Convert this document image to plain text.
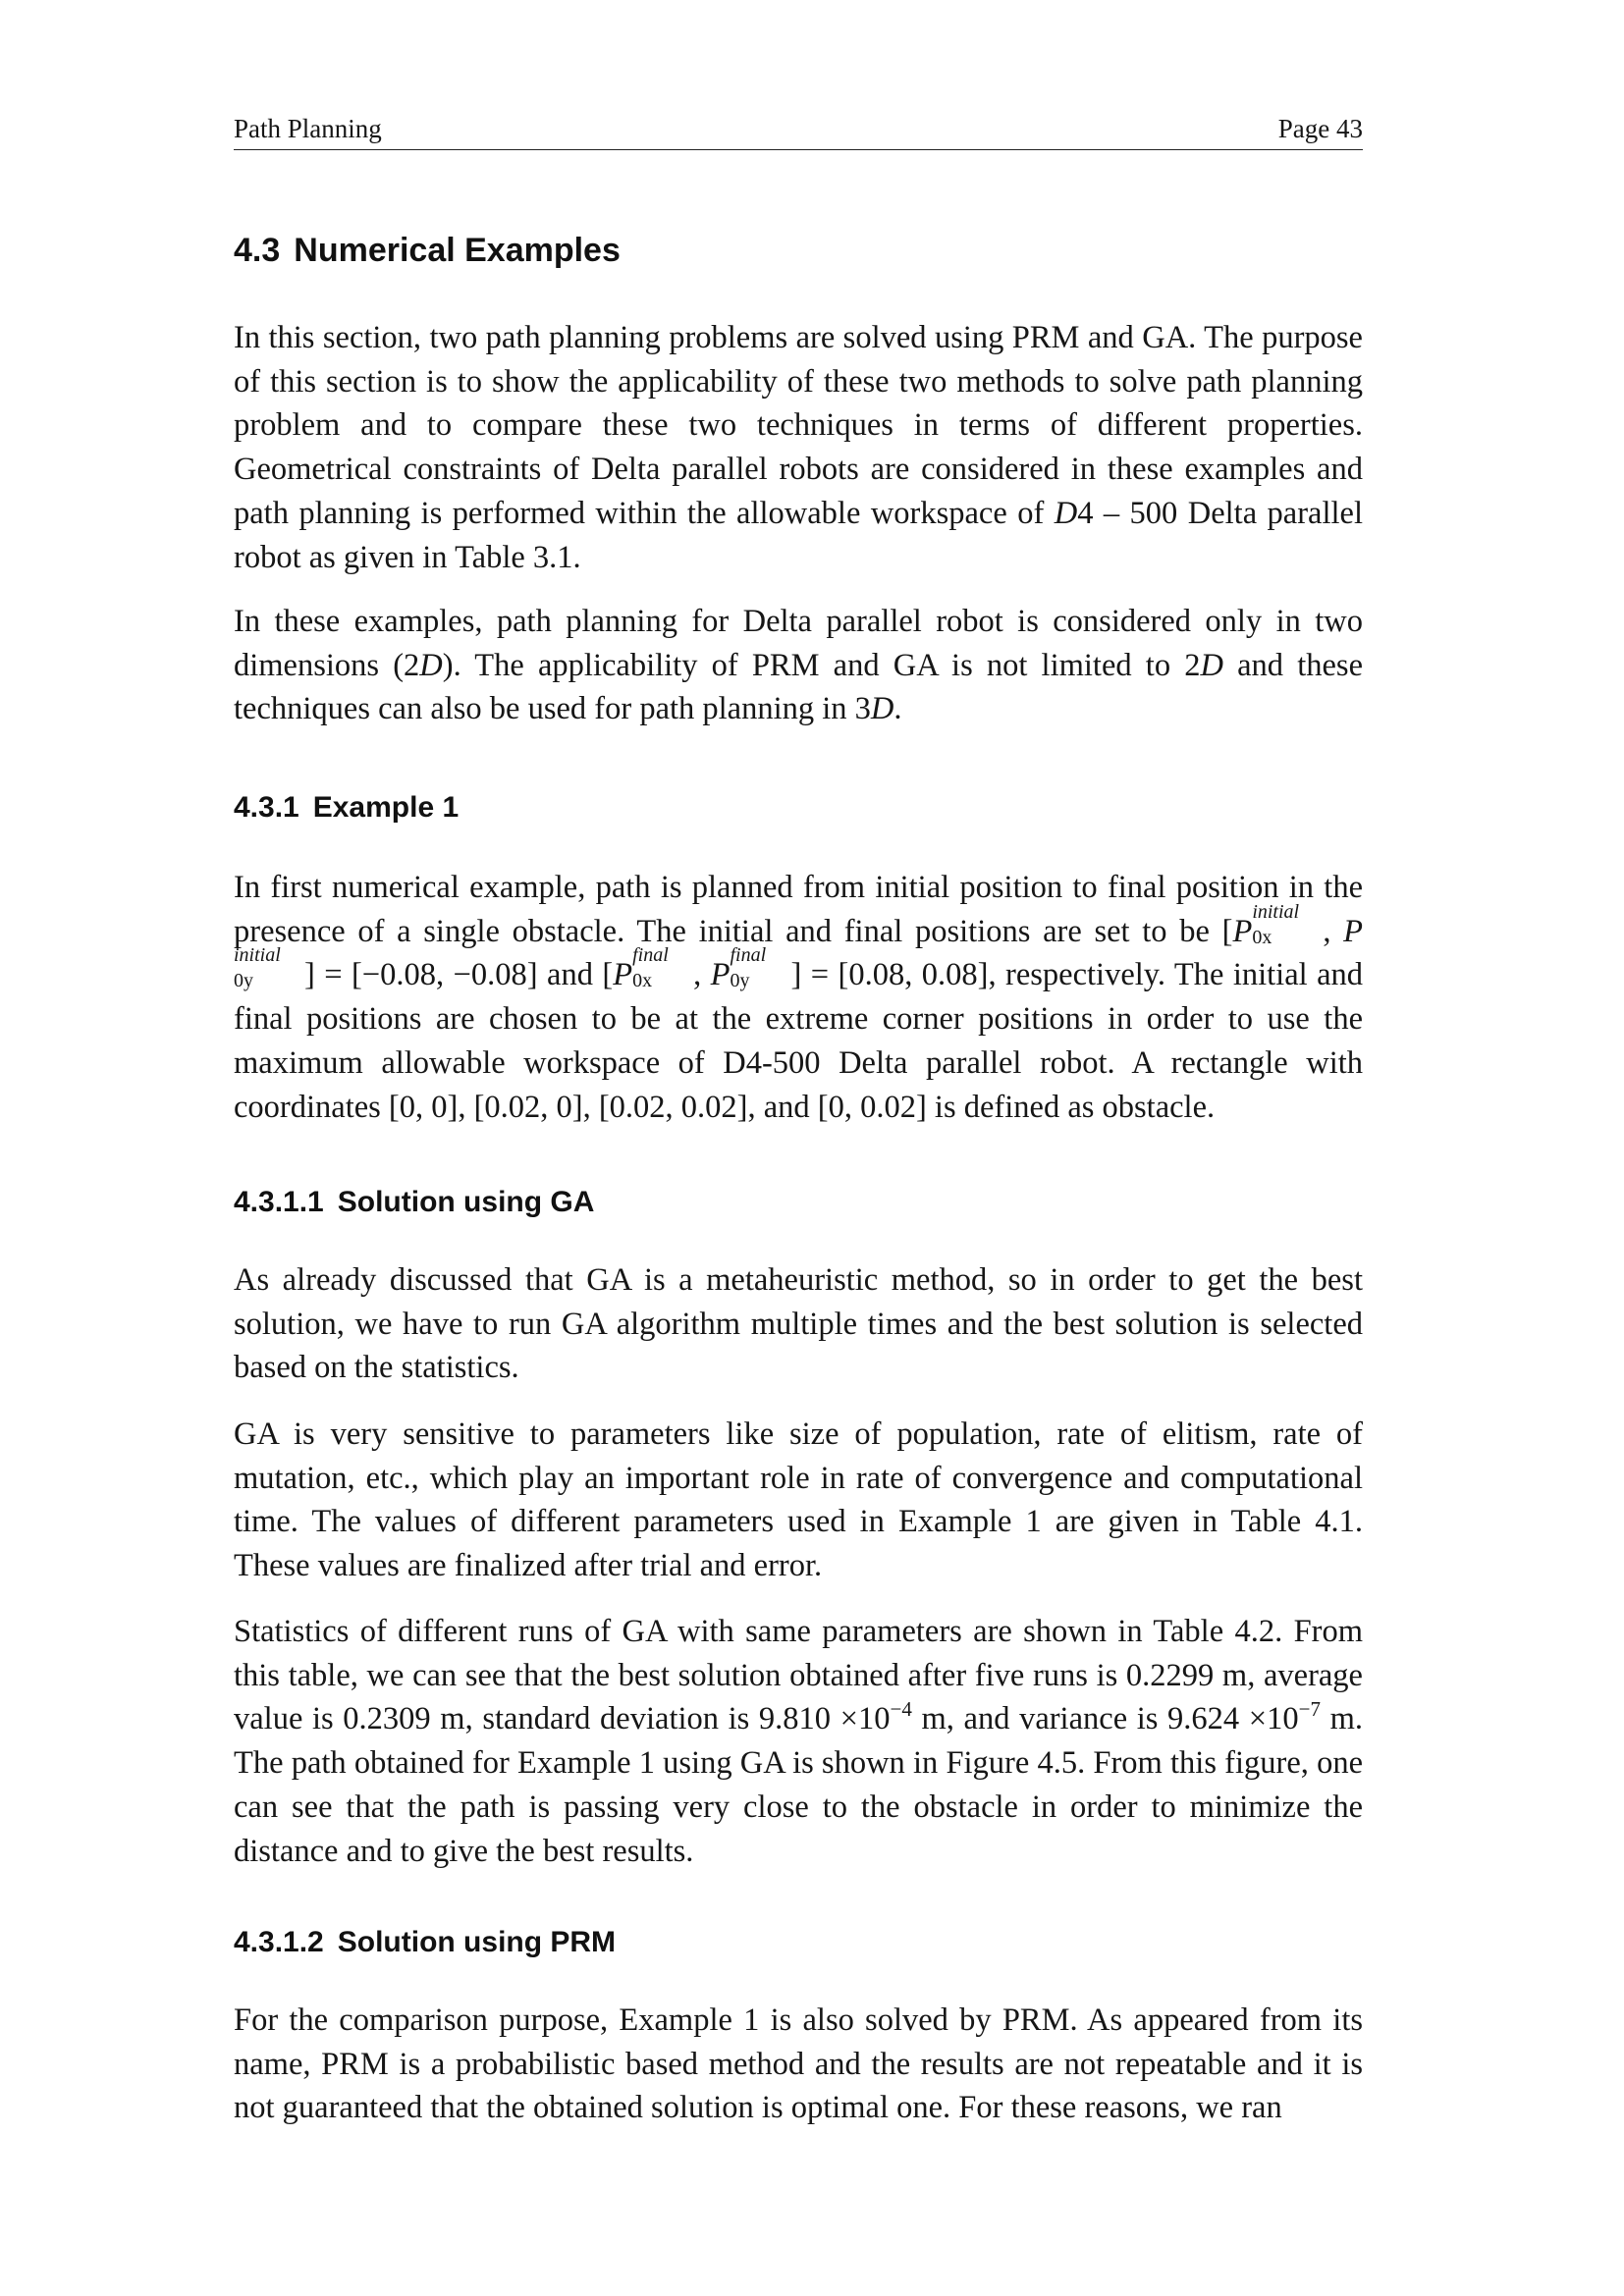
Path Planning	Page 43
4.3 Numerical Examples

In this section, two path planning problems are solved using PRM and GA. The purpose of this section is to show the applicability of these two methods to solve path planning problem and to compare these two techniques in terms of different properties. Geometrical constraints of Delta parallel robots are considered in these examples and path planning is performed within the allowable workspace of D4 – 500 Delta parallel robot as given in Table 3.1.

In these examples, path planning for Delta parallel robot is considered only in two dimensions (2D). The applicability of PRM and GA is not limited to 2D and these techniques can also be used for path planning in 3D.

4.3.1 Example 1

In first numerical example, path is planned from initial position to final position in the presence of a single obstacle. The initial and final positions are set to be [P
initial
0x , P
initial
0y ] = [−0.08, −0.08] and [P
final
0x , P
final
0y ] = [0.08, 0.08], respectively. The initial and final positions are chosen to be at the extreme corner positions in order to use the maximum allowable workspace of D4-500 Delta parallel robot. A rectangle with coordinates [0, 0], [0.02, 0], [0.02, 0.02], and [0, 0.02] is defined as obstacle.

4.3.1.1 Solution using GA

As already discussed that GA is a metaheuristic method, so in order to get the best solution, we have to run GA algorithm multiple times and the best solution is selected based on the statistics.

GA is very sensitive to parameters like size of population, rate of elitism, rate of mutation, etc., which play an important role in rate of convergence and computational time. The values of different parameters used in Example 1 are given in Table 4.1. These values are finalized after trial and error.

Statistics of different runs of GA with same parameters are shown in Table 4.2. From this table, we can see that the best solution obtained after five runs is 0.2299 m, average value is 0.2309 m, standard deviation is $9.810 \times 10^{-4}$ m, and variance is $9.624 \times 10^{-7}$ m. The path obtained for Example 1 using GA is shown in Figure 4.5. From this figure, one can see that the path is passing very close to the obstacle in order to minimize the distance and to give the best results.

4.3.1.2 Solution using PRM

For the comparison purpose, Example 1 is also solved by PRM. As appeared from its name, PRM is a probabilistic based method and the results are not repeatable and it is not guaranteed that the obtained solution is optimal one. For these reasons, we ran
